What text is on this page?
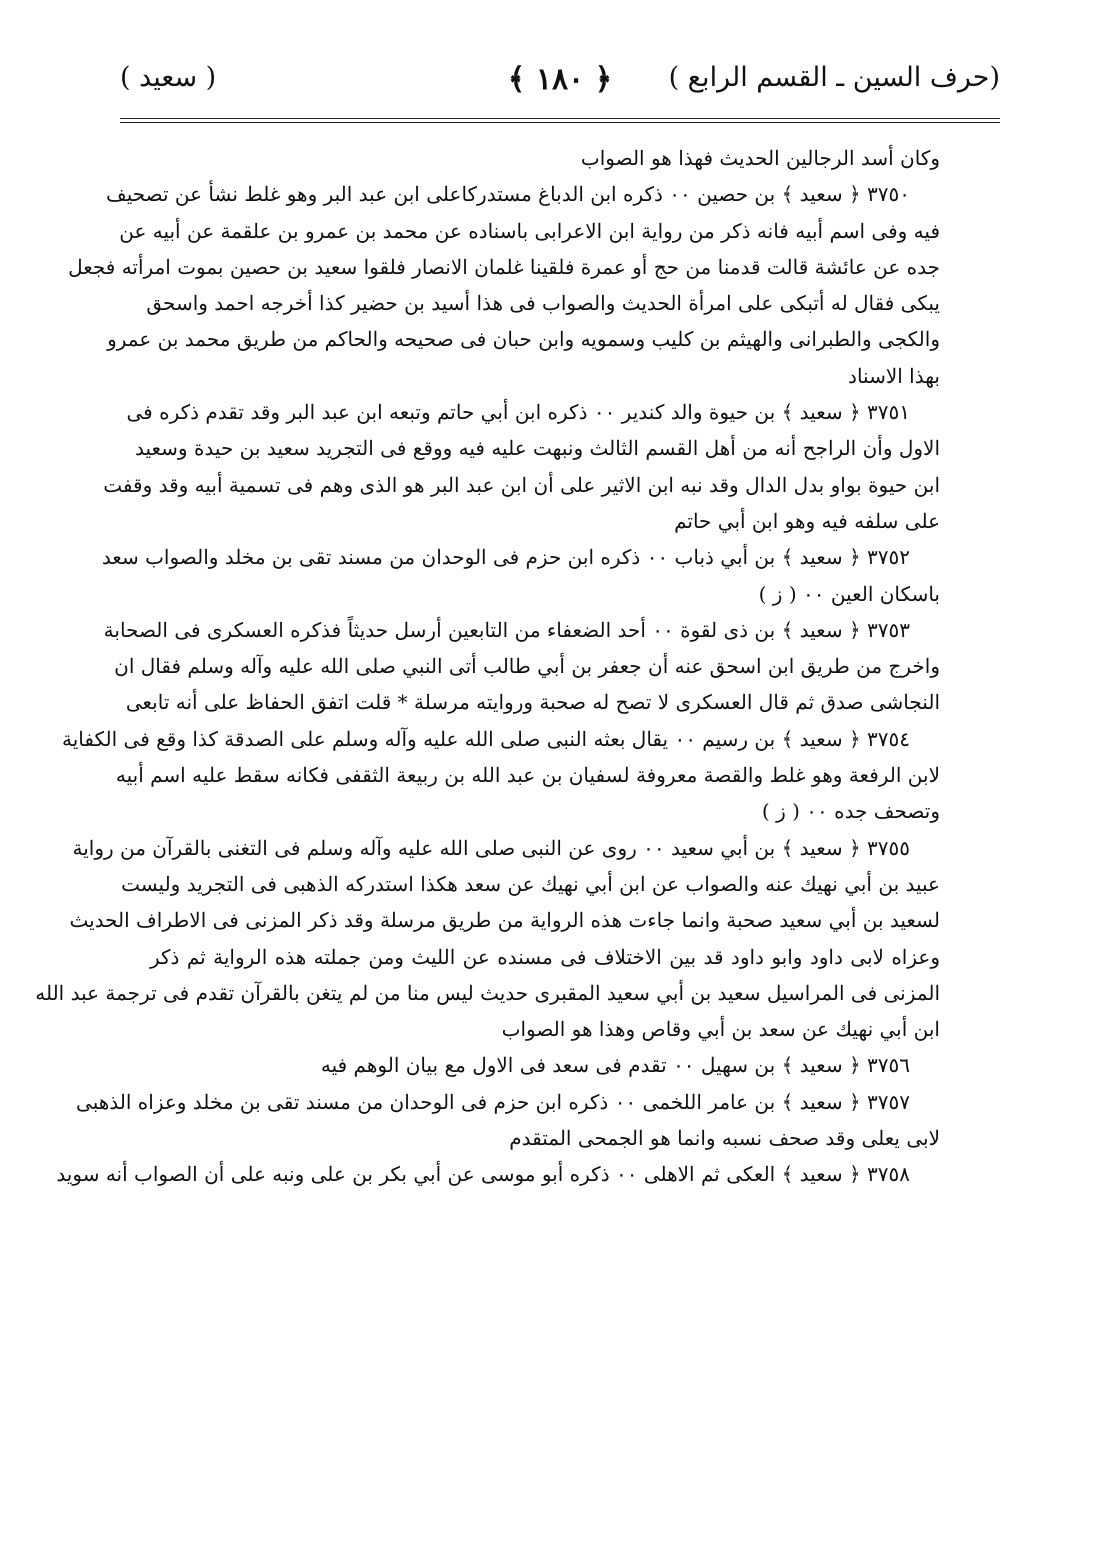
(حرف السين ـ القسم الرابع )
﴿ ١٨٠ ﴾
( سعيد )
وكان أسد الرجالين الحديث فهذا هو الصواب
٣٧٥٠ ﴿ سعيد ﴾ بن حصين ٠٠ ذكره ابن الدباغ مستدركاعلى ابن عبد البر وهو غلط نشأ عن تصحيف
فيه وفى اسم أبيه فانه ذكر من رواية ابن الاعرابى باسناده عن محمد بن عمرو بن علقمة عن أبيه عن
جده عن عائشة قالت قدمنا من حج أو عمرة فلقينا غلمان الانصار فلقوا سعيد بن حصين بموت امرأته فجعل
يبكى فقال له أتبكى على امرأة الحديث والصواب فى هذا أسيد بن حضير كذا أخرجه احمد واسحق
والكجى والطبرانى والهيثم بن كليب وسمويه وابن حبان فى صحيحه والحاكم من طريق محمد بن عمرو
بهذا الاسناد
٣٧٥١ ﴿ سعيد ﴾ بن حيوة والد كندير ٠٠ ذكره ابن أبي حاتم وتبعه ابن عبد البر وقد تقدم ذكره فى
الاول وأن الراجح أنه من أهل القسم الثالث ونبهت عليه فيه ووقع فى التجريد سعيد بن حيدة وسعيد
ابن حيوة بواو بدل الدال وقد نبه ابن الاثير على أن ابن عبد البر هو الذى وهم فى تسمية أبيه وقد وقفت
على سلفه فيه وهو ابن أبي حاتم
٣٧٥٢ ﴿ سعيد ﴾ بن أبي ذباب ٠٠ ذكره ابن حزم فى الوحدان من مسند تقى بن مخلد والصواب سعد
باسكان العين ٠٠ ( ز )
٣٧٥٣ ﴿ سعيد ﴾ بن ذى لقوة ٠٠ أحد الضعفاء من التابعين أرسل حديثاً فذكره العسكرى فى الصحابة
واخرج من طريق ابن اسحق عنه أن جعفر بن أبي طالب أتى النبي صلى الله عليه وآله وسلم فقال ان
النجاشى صدق ثم قال العسكرى لا تصح له صحبة وروايته مرسلة * قلت اتفق الحفاظ على أنه تابعى
٣٧٥٤ ﴿ سعيد ﴾ بن رسيم ٠٠ يقال بعثه النبى صلى الله عليه وآله وسلم على الصدقة كذا وقع فى الكفاية
لابن الرفعة وهو غلط والقصة معروفة لسفيان بن عبد الله بن ربيعة الثقفى فكانه سقط عليه اسم أبيه
وتصحف جده ٠٠ ( ز )
٣٧٥٥ ﴿ سعيد ﴾ بن أبي سعيد ٠٠ روى عن النبى صلى الله عليه وآله وسلم فى التغنى بالقرآن من رواية
عبيد بن أبي نهيك عنه والصواب عن ابن أبي نهيك عن سعد هكذا استدركه الذهبى فى التجريد وليست
لسعيد بن أبي سعيد صحبة وانما جاءت هذه الرواية من طريق مرسلة وقد ذكر المزنى فى الاطراف الحديث
وعزاه لابى داود وابو داود قد بين الاختلاف فى مسنده عن الليث ومن جملته هذه الرواية ثم ذكر
المزنى فى المراسيل سعيد بن أبي سعيد المقبرى حديث ليس منا من لم يتغن بالقرآن تقدم فى ترجمة عبد الله
ابن أبي نهيك عن سعد بن أبي وقاص وهذا هو الصواب
٣٧٥٦ ﴿ سعيد ﴾ بن سهيل ٠٠ تقدم فى سعد فى الاول مع بيان الوهم فيه
٣٧٥٧ ﴿ سعيد ﴾ بن عامر اللخمى ٠٠ ذكره ابن حزم فى الوحدان من مسند تقى بن مخلد وعزاه الذهبى
لابى يعلى وقد صحف نسبه وانما هو الجمحى المتقدم
٣٧٥٨ ﴿ سعيد ﴾ العكى ثم الاهلى ٠٠ ذكره أبو موسى عن أبي بكر بن على ونبه على أن الصواب أنه سويد
